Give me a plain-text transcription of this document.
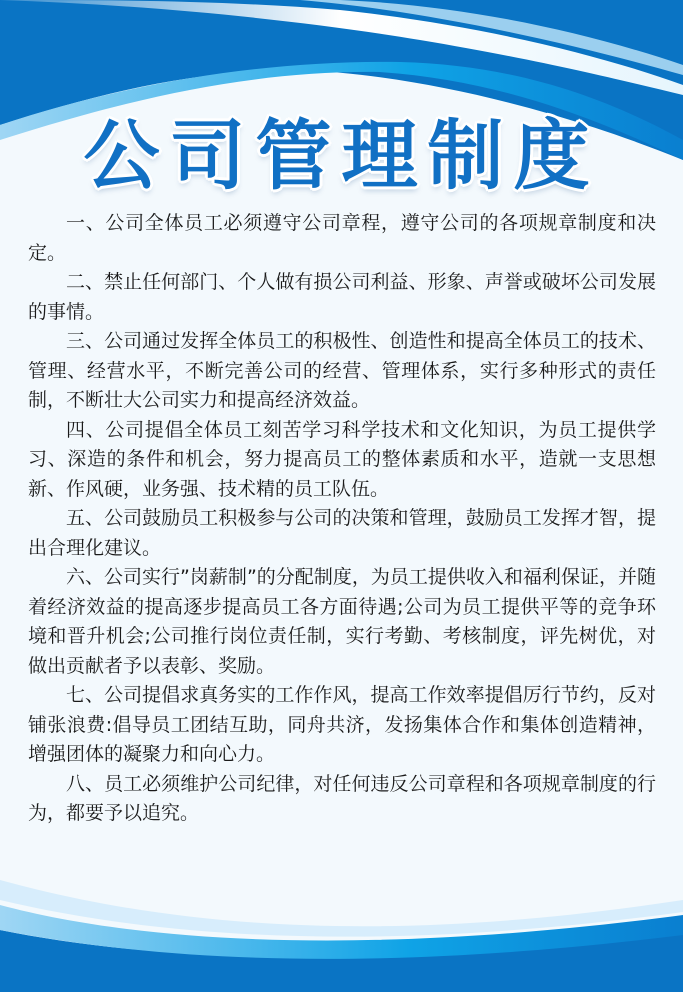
公司管理制度

一、公司全体员工必须遵守公司章程，遵守公司的各项规章制度和决定。

二、禁止任何部门、个人做有损公司利益、形象、声誉或破坏公司发展的事情。

三、公司通过发挥全体员工的积极性、创造性和提高全体员工的技术、管理、经营水平，不断完善公司的经营、管理体系，实行多种形式的责任制，不断壮大公司实力和提高经济效益。

四、公司提倡全体员工刻苦学习科学技术和文化知识，为员工提供学习、深造的条件和机会，努力提高员工的整体素质和水平，造就一支思想新、作风硬，业务强、技术精的员工队伍。

五、公司鼓励员工积极参与公司的决策和管理，鼓励员工发挥才智，提出合理化建议。

六、公司实行”岗薪制”的分配制度，为员工提供收入和福利保证，并随着经济效益的提高逐步提高员工各方面待遇;公司为员工提供平等的竞争环境和晋升机会;公司推行岗位责任制，实行考勤、考核制度，评先树优，对做出贡献者予以表彰、奖励。

七、公司提倡求真务实的工作作风，提高工作效率提倡厉行节约，反对铺张浪费:倡导员工团结互助，同舟共济，发扬集体合作和集体创造精神，增强团体的凝聚力和向心力。

八、员工必须维护公司纪律，对任何违反公司章程和各项规章制度的行为，都要予以追究。
